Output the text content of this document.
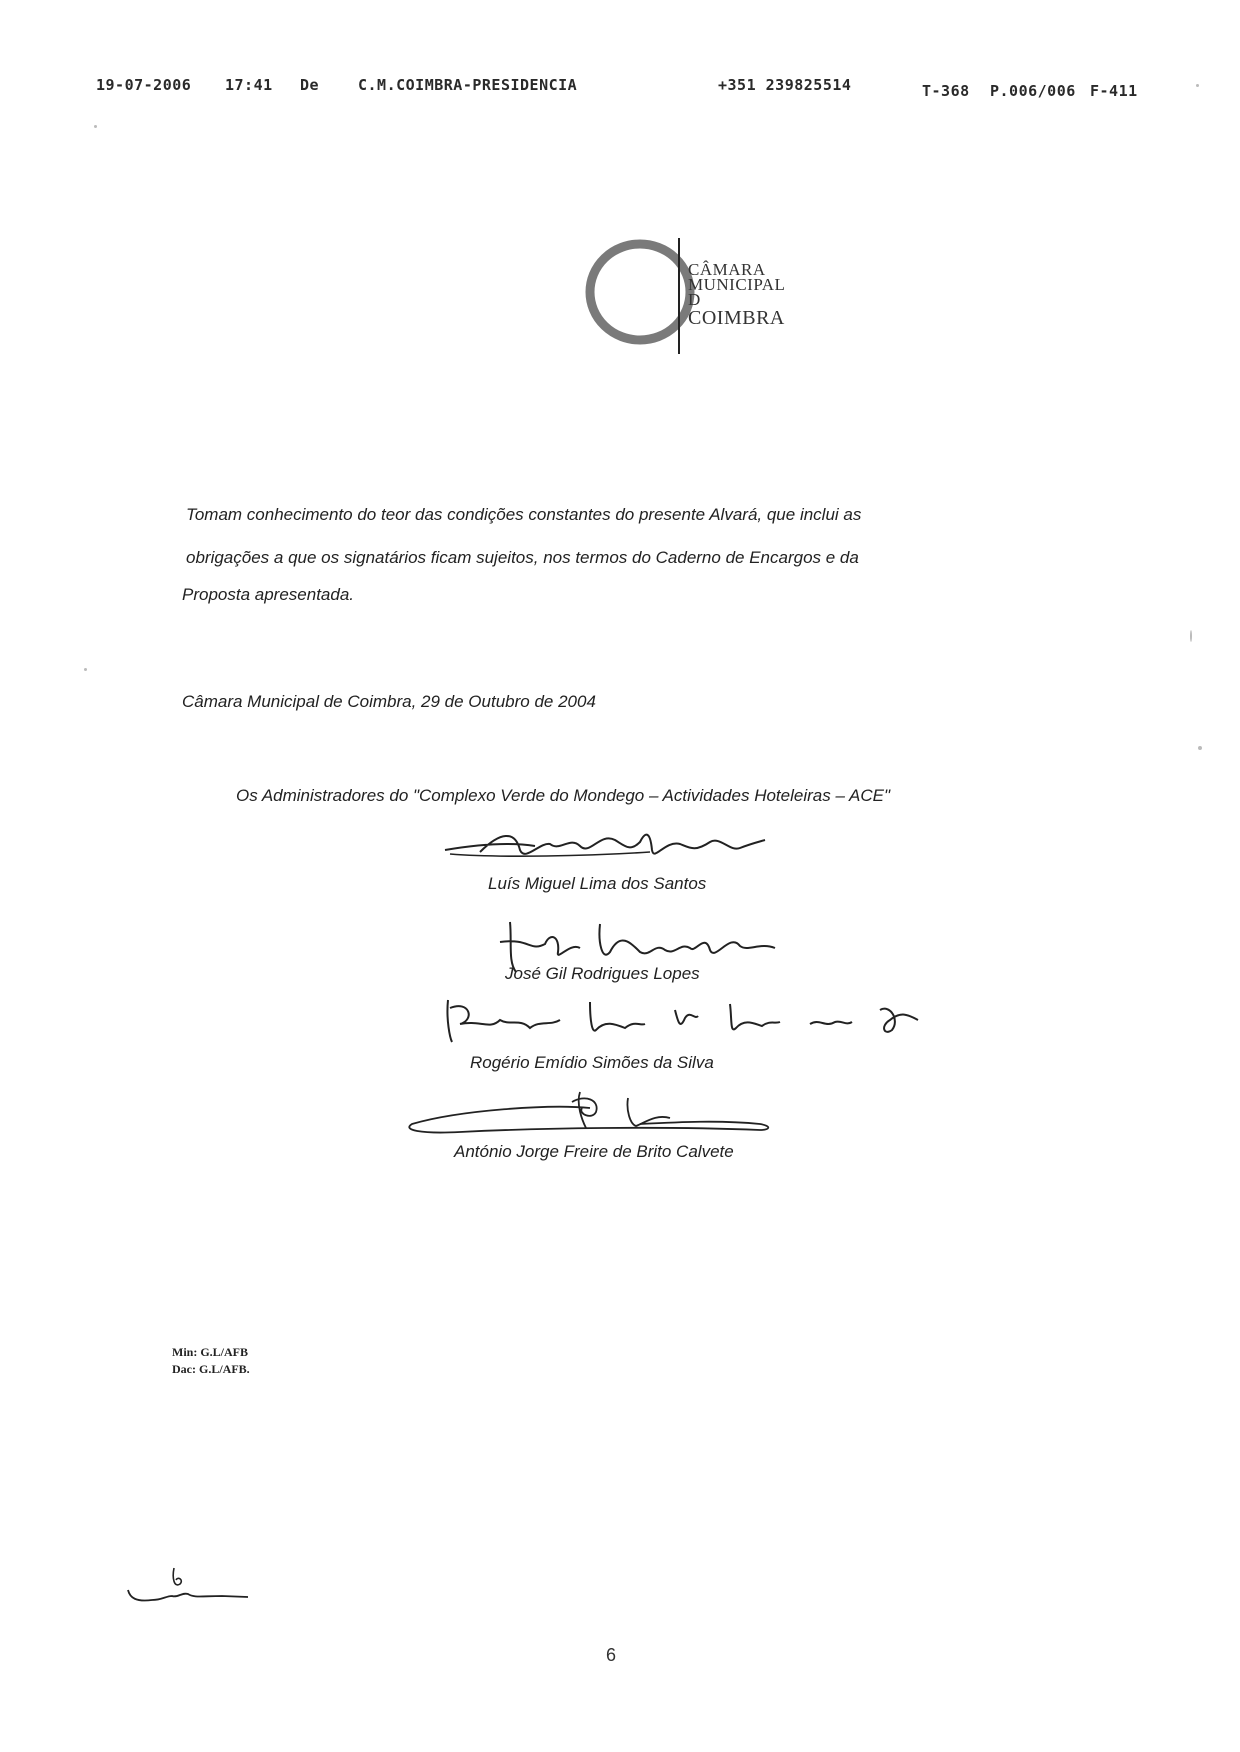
19-07-2006 17:41 De	C.M.COIMBRA-PRESIDENCIA	+351 239825514	T-368 P.006/006 F-411
CÂMARA
MUNICIPAL
D
COIMBRA
Tomam conhecimento do teor das condições constantes do presente Alvará, que inclui as
obrigações a que os signatários ficam sujeitos, nos termos do Caderno de Encargos e da
Proposta apresentada.
Câmara Municipal de Coimbra, 29 de Outubro de 2004
Os Administradores do "Complexo Verde do Mondego – Actividades Hoteleiras – ACE"
Luís Miguel Lima dos Santos
José Gil Rodrigues Lopes
Rogério Emídio Simões da Silva
António Jorge Freire de Brito Calvete
Min: G.L/AFB
Dac: G.L/AFB.
6
